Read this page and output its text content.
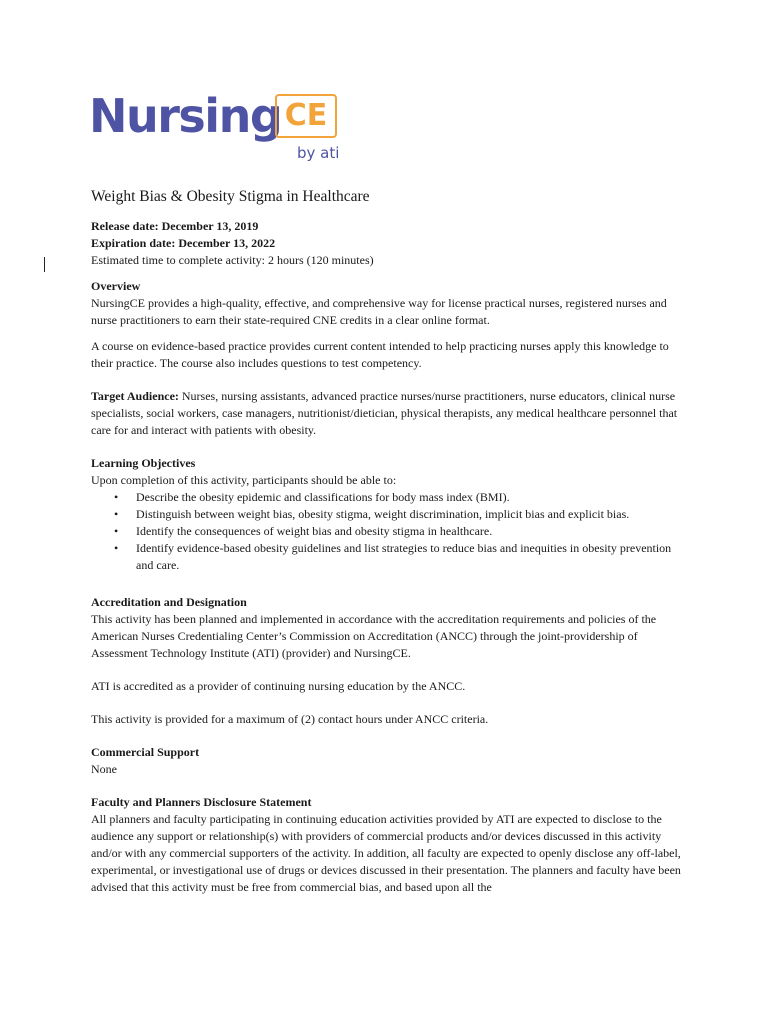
Nursing CE
by ati
Weight Bias & Obesity Stigma in Healthcare

Release date: December 13, 2019

Expiration date: December 13, 2022

Estimated time to complete activity: 2 hours (120 minutes)

Overview

NursingCE provides a high-quality, effective, and comprehensive way for license practical nurses, registered nurses and nurse practitioners to earn their state-required CNE credits in a clear online format.

A course on evidence-based practice provides current content intended to help practicing nurses apply this knowledge to their practice. The course also includes questions to test competency.

Target Audience: Nurses, nursing assistants, advanced practice nurses/nurse practitioners, nurse educators, clinical nurse specialists, social workers, case managers, nutritionist/dietician, physical therapists, any medical healthcare personnel that care for and interact with patients with obesity.

Learning Objectives

Upon completion of this activity, participants should be able to:

• Describe the obesity epidemic and classifications for body mass index (BMI).
• Distinguish between weight bias, obesity stigma, weight discrimination, implicit bias and explicit bias.
• Identify the consequences of weight bias and obesity stigma in healthcare.
• Identify evidence-based obesity guidelines and list strategies to reduce bias and inequities in obesity prevention and care.

Accreditation and Designation

This activity has been planned and implemented in accordance with the accreditation requirements and policies of the American Nurses Credentialing Center’s Commission on Accreditation (ANCC) through the joint-providership of Assessment Technology Institute (ATI) (provider) and NursingCE.

ATI is accredited as a provider of continuing nursing education by the ANCC.

This activity is provided for a maximum of (2) contact hours under ANCC criteria.

Commercial Support

None

Faculty and Planners Disclosure Statement

All planners and faculty participating in continuing education activities provided by ATI are expected to disclose to the audience any support or relationship(s) with providers of commercial products and/or devices discussed in this activity and/or with any commercial supporters of the activity. In addition, all faculty are expected to openly disclose any off-label, experimental, or investigational use of drugs or devices discussed in their presentation. The planners and faculty have been advised that this activity must be free from commercial bias, and based upon all the
